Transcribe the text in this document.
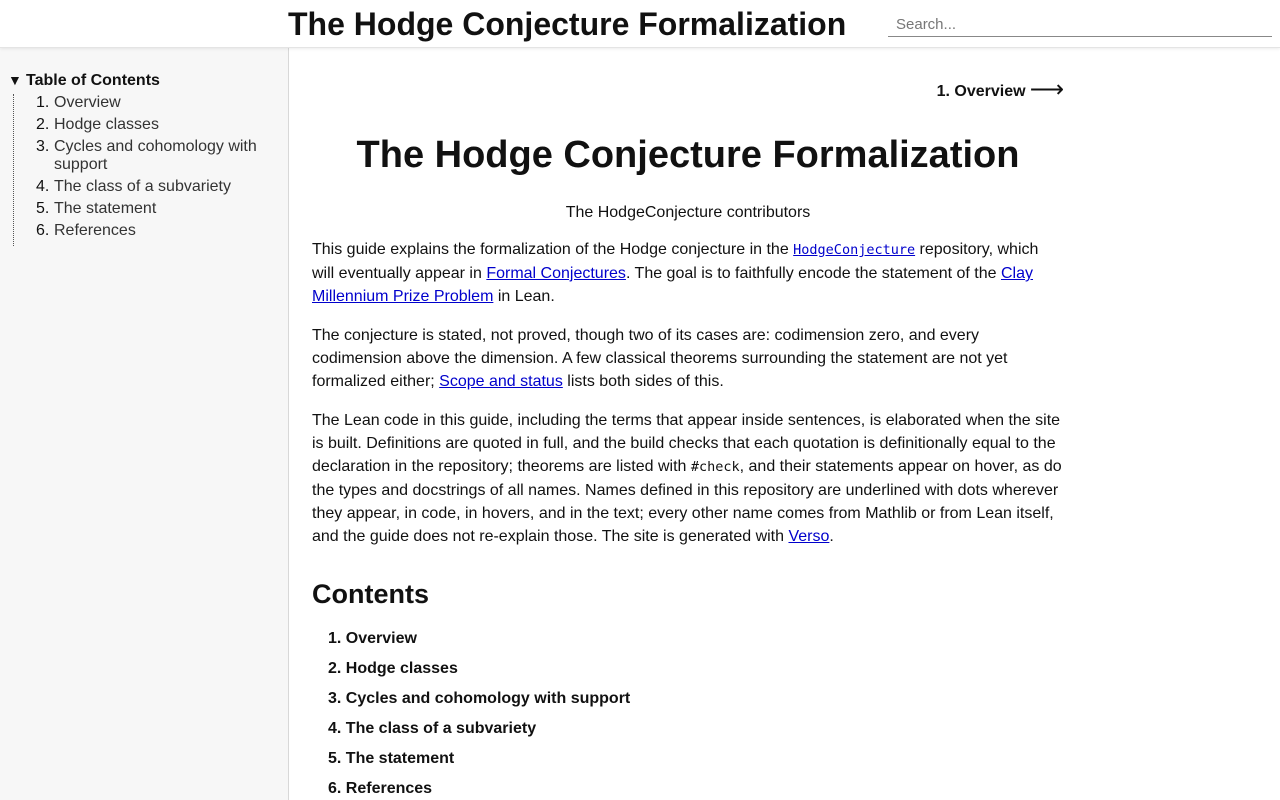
The Hodge Conjecture Formalization
Search...
▼ Table of Contents
1. Overview
2. Hodge classes
3. Cycles and cohomology with support
4. The class of a subvariety
5. The statement
6. References
1. Overview ⟶
The Hodge Conjecture Formalization
The HodgeConjecture contributors

This guide explains the formalization of the Hodge conjecture in the HodgeConjecture repository, which will eventually appear in Formal Conjectures. The goal is to faithfully encode the statement of the Clay Millennium Prize Problem in Lean.

The conjecture is stated, not proved, though two of its cases are: codimension zero, and every codimension above the dimension. A few classical theorems surrounding the statement are not yet formalized either; Scope and status lists both sides of this.

The Lean code in this guide, including the terms that appear inside sentences, is elaborated when the site is built. Definitions are quoted in full, and the build checks that each quotation is definitionally equal to the declaration in the repository; theorems are listed with #check, and their statements appear on hover, as do the types and docstrings of all names. Names defined in this repository are underlined with dots wherever they appear, in code, in hovers, and in the text; every other name comes from Mathlib or from Lean itself, and the guide does not re-explain those. The site is generated with Verso.

Contents
1. Overview
2. Hodge classes
3. Cycles and cohomology with support
4. The class of a subvariety
5. The statement
6. References
